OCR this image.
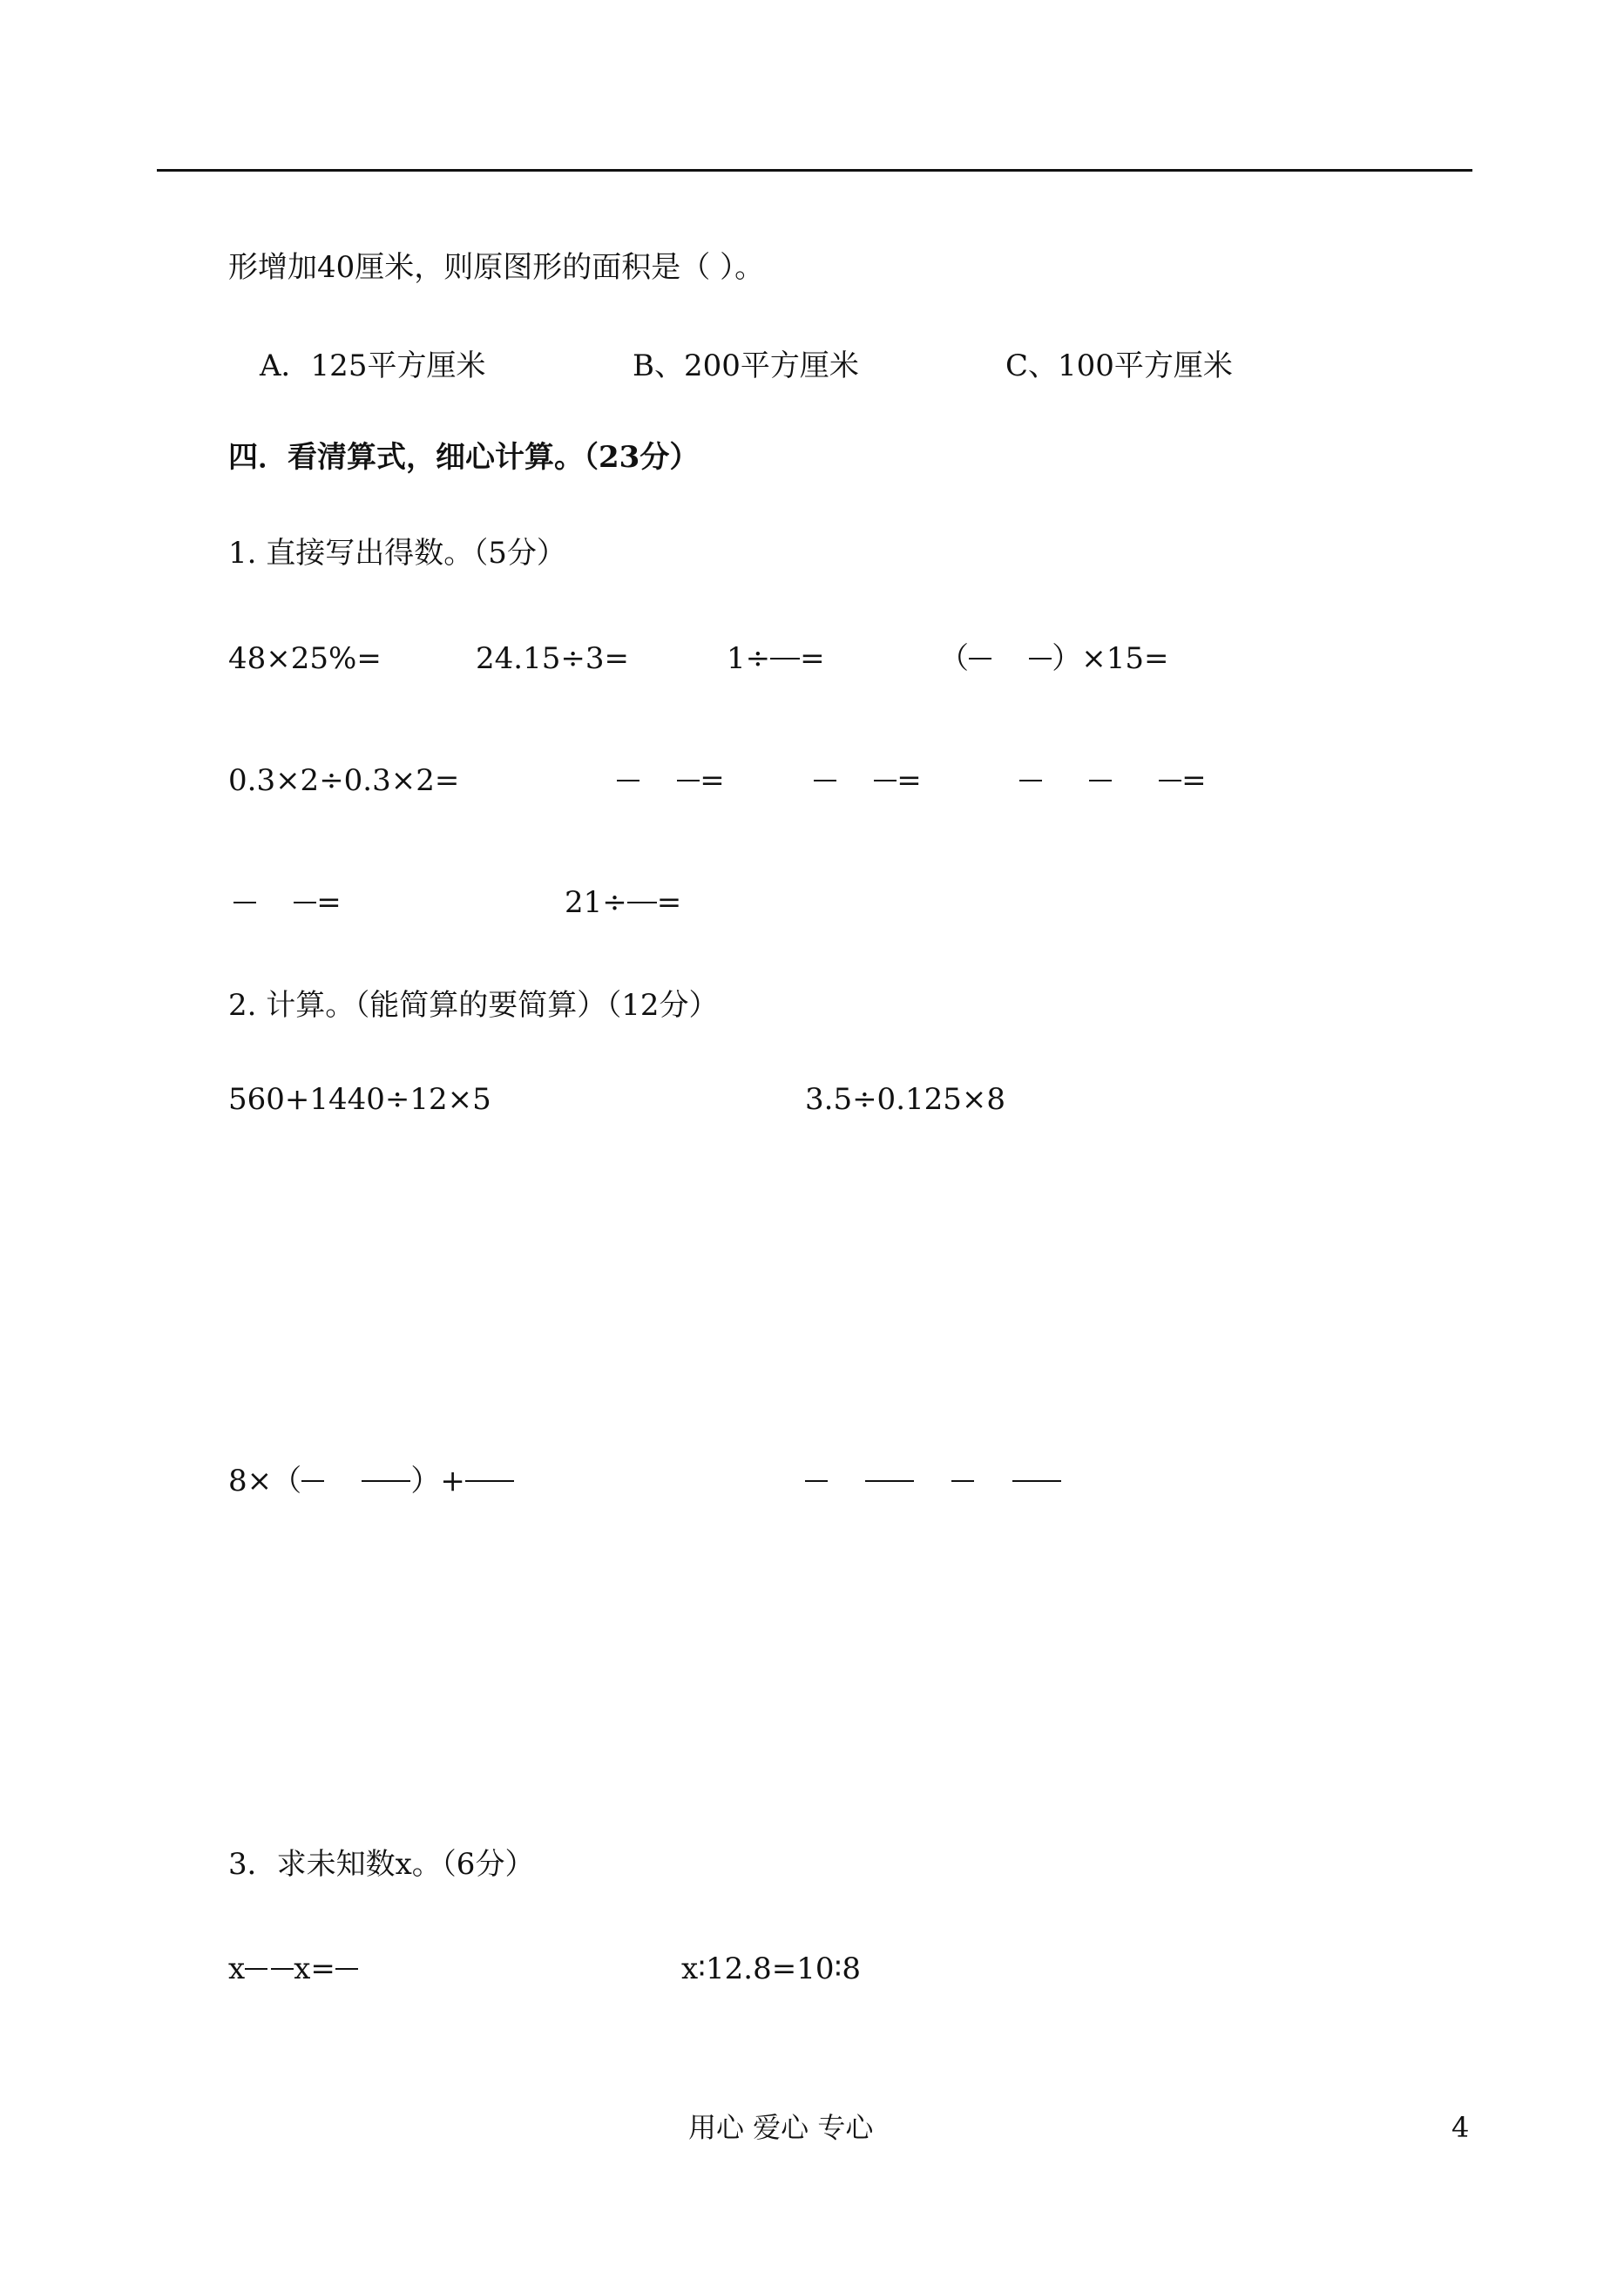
形增加40厘米，则原图形的面积是（ ）。
A．125平方厘米	B、200平方厘米	C、100平方厘米
四．看清算式，细心计算。（23分）
1. 直接写出得数。（5分）
48×25%=	24.15÷3=	1÷ =	（	）×15=
0.3×2÷0.3×2=	=	=	=
=	21÷ =
2. 计算。（能简算的要简算）（12分）
560+1440÷12×5	3.5÷0.125×8
8×（	）+

3．求未知数x。（6分）
x x=	x∶12.8=10∶8
用心 爱心 专心	4
